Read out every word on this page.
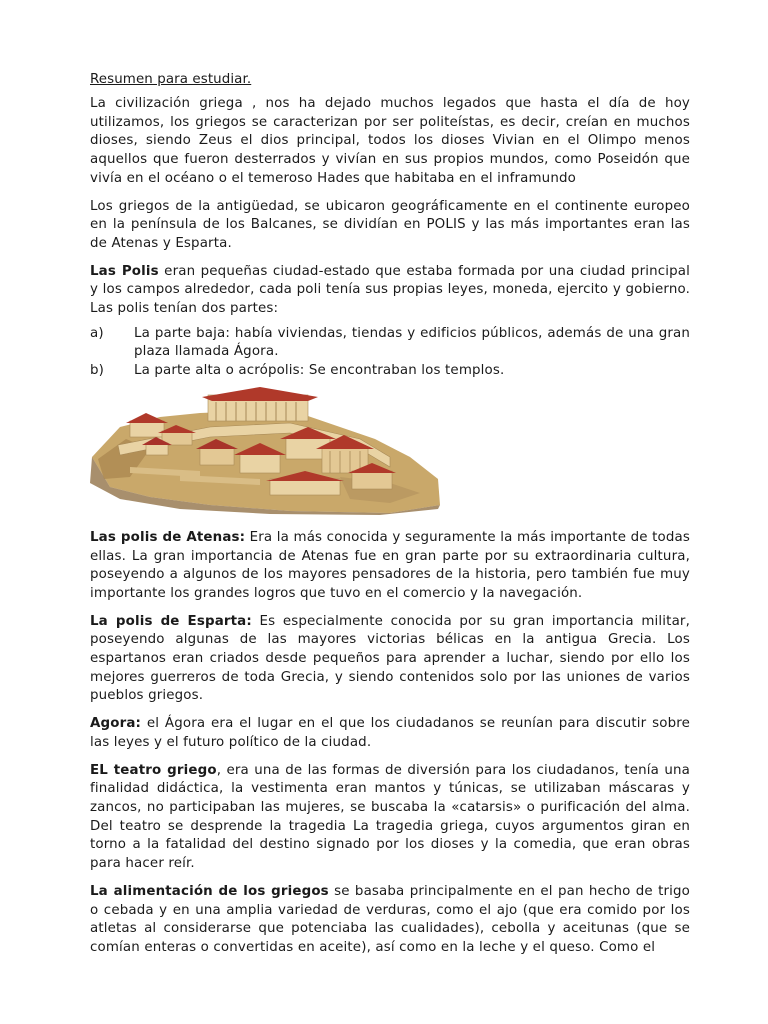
Resumen para estudiar.

La civilización griega , nos ha dejado muchos legados que hasta el día de hoy utilizamos, los griegos se caracterizan por ser politeístas, es decir, creían en muchos dioses, siendo Zeus el dios principal, todos los dioses Vivian en el Olimpo menos aquellos que fueron desterrados y vivían en sus propios mundos, como Poseidón que vivía en el océano o el temeroso Hades que habitaba en el inframundo

Los griegos de la antigüedad, se ubicaron geográficamente en el continente europeo en la península de los Balcanes, se dividían en POLIS y las más importantes eran las de Atenas y Esparta.

Las Polis eran pequeñas ciudad-estado que estaba formada por una ciudad principal y los campos alrededor, cada poli tenía sus propias leyes, moneda, ejercito y gobierno. Las polis tenían dos partes:

a)	La parte baja: había viviendas, tiendas y edificios públicos, además de una gran plaza llamada Ágora.
b)	La parte alta o acrópolis: Se encontraban los templos.

Las polis de Atenas: Era la más conocida y seguramente la más importante de todas ellas. La gran importancia de Atenas fue en gran parte por su extraordinaria cultura, poseyendo a algunos de los mayores pensadores de la historia, pero también fue muy importante los grandes logros que tuvo en el comercio y la navegación.

La polis de Esparta: Es especialmente conocida por su gran importancia militar, poseyendo algunas de las mayores victorias bélicas en la antigua Grecia. Los espartanos eran criados desde pequeños para aprender a luchar, siendo por ello los mejores guerreros de toda Grecia, y siendo contenidos solo por las uniones de varios pueblos griegos.

Agora: el Ágora era el lugar en el que los ciudadanos se reunían para discutir sobre las leyes y el futuro político de la ciudad.

EL teatro griego, era una de las formas de diversión para los ciudadanos, tenía una finalidad didáctica, la vestimenta eran mantos y túnicas, se utilizaban máscaras y zancos, no participaban las mujeres, se buscaba la «catarsis» o purificación del alma. Del teatro se desprende la tragedia La tragedia griega, cuyos argumentos giran en torno a la fatalidad del destino signado por los dioses y la comedia, que eran obras para hacer reír.

La alimentación de los griegos se basaba principalmente en el pan hecho de trigo o cebada y en una amplia variedad de verduras, como el ajo (que era comido por los atletas al considerarse que potenciaba las cualidades), cebolla y aceitunas (que se comían enteras o convertidas en aceite), así como en la leche y el queso. Como el
